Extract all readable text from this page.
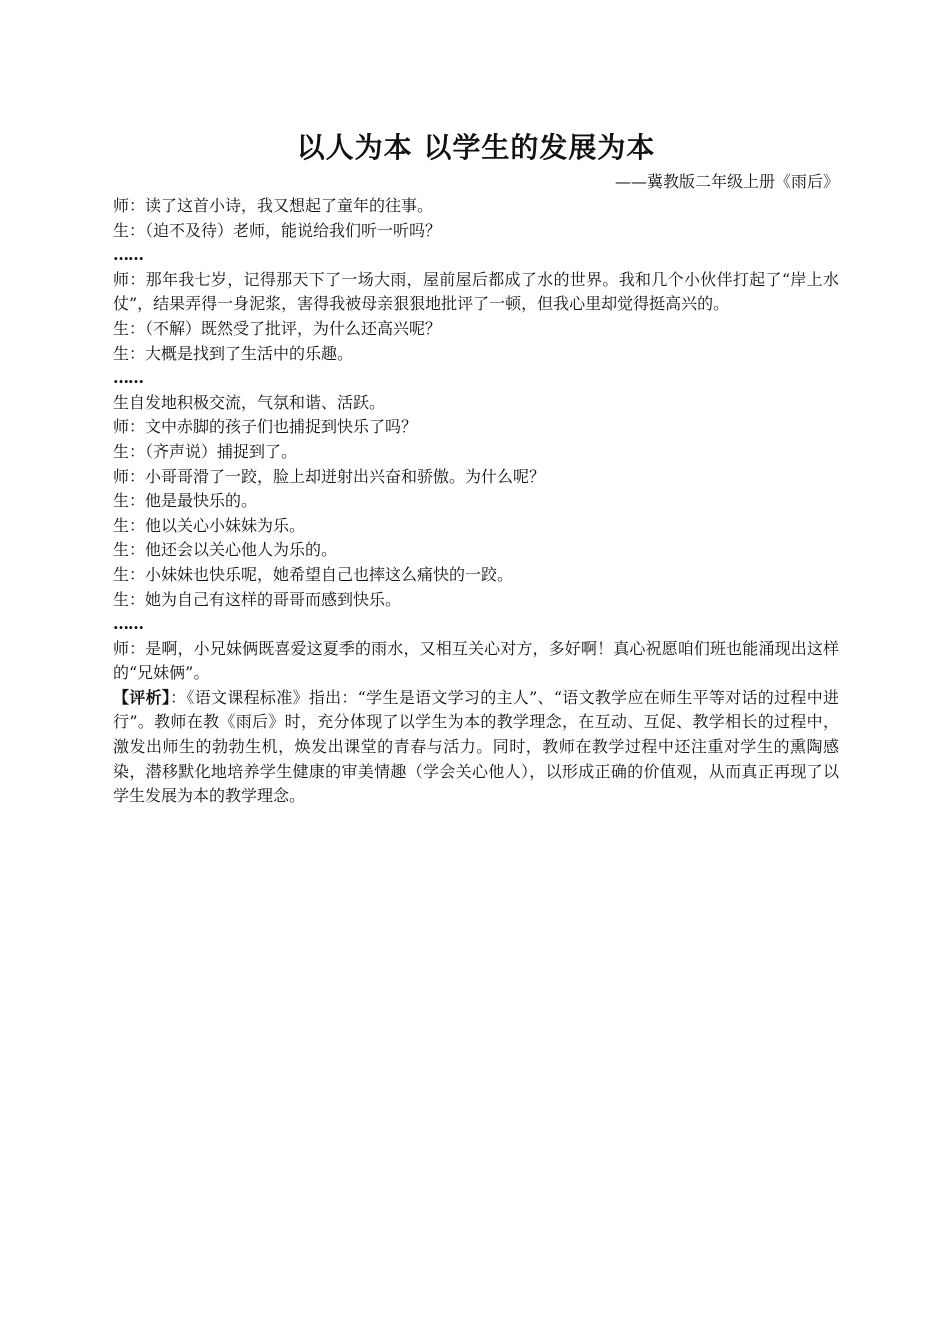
以人为本 以学生的发展为本

——冀教版二年级上册《雨后》

师：读了这首小诗，我又想起了童年的往事。

生：（迫不及待）老师，能说给我们听一听吗？

……

师：那年我七岁，记得那天下了一场大雨，屋前屋后都成了水的世界。我和几个小伙伴打起了“岸上水仗”，结果弄得一身泥浆，害得我被母亲狠狠地批评了一顿，但我心里却觉得挺高兴的。

生：（不解）既然受了批评，为什么还高兴呢？

生：大概是找到了生活中的乐趣。

……

生自发地积极交流，气氛和谐、活跃。

师：文中赤脚的孩子们也捕捉到快乐了吗？

生：（齐声说）捕捉到了。

师：小哥哥滑了一跤，脸上却迸射出兴奋和骄傲。为什么呢？

生：他是最快乐的。

生：他以关心小妹妹为乐。

生：他还会以关心他人为乐的。

生：小妹妹也快乐呢，她希望自己也摔这么痛快的一跤。

生：她为自己有这样的哥哥而感到快乐。

……

师：是啊，小兄妹俩既喜爱这夏季的雨水，又相互关心对方，多好啊！真心祝愿咱们班也能涌现出这样的“兄妹俩”。

【评析】：《语文课程标准》指出：“学生是语文学习的主人”、“语文教学应在师生平等对话的过程中进行”。教师在教《雨后》时，充分体现了以学生为本的教学理念，在互动、互促、教学相长的过程中，激发出师生的勃勃生机，焕发出课堂的青春与活力。同时，教师在教学过程中还注重对学生的熏陶感染，潜移默化地培养学生健康的审美情趣（学会关心他人），以形成正确的价值观，从而真正再现了以学生发展为本的教学理念。
